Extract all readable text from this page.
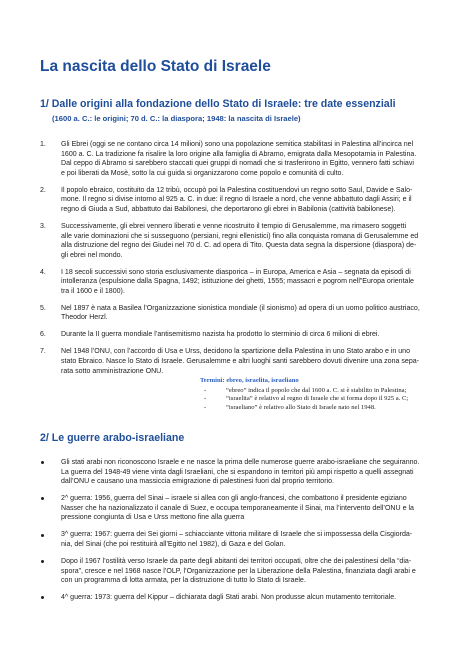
La nascita dello Stato di Israele
1/ Dalle origini alla fondazione dello Stato di Israele: tre date essenziali
(1600 a. C.: le origini; 70 d. C.: la diaspora; 1948: la nascita di Israele)
1. Gli Ebrei (oggi se ne contano circa 14 milioni) sono una popolazione semitica stabilitasi in Palestina all’incirca nel
1600 a. C. La tradizione fa risalire la loro origine alla famiglia di Abramo, emigrata dalla Mesopotamia in Palestina.
Dal ceppo di Abramo si sarebbero staccati quei gruppi di nomadi che si trasferirono in Egitto, vennero fatti schiavi
e poi liberati da Mosè, sotto la cui guida si organizzarono come popolo e comunità di culto.
2. Il popolo ebraico, costituito da 12 tribù, occupò poi la Palestina costituendovi un regno sotto Saul, Davide e Salo-
mone. Il regno si divise intorno al 925 a. C. in due: il regno di Israele a nord, che venne abbattuto dagli Assiri; e il
regno di Giuda a Sud, abbattuto dai Babilonesi, che deportarono gli ebrei in Babilonia (cattività babilonese).
3. Successivamente, gli ebrei vennero liberati e venne ricostruito il tempio di Gerusalemme, ma rimasero soggetti
alle varie dominazioni che si susseguono (persiani, regni ellenistici) fino alla conquista romana di Gerusalemme ed
alla distruzione del regno dei Giudei nel 70 d. C. ad opera di Tito. Questa data segna la dispersione (diaspora) de-
gli ebrei nel mondo.
4. I 18 secoli successivi sono storia esclusivamente diasporica – in Europa, America e Asia – segnata da episodi di
intolleranza (espulsione dalla Spagna, 1492; istituzione dei ghetti, 1555; massacri e pogrom nell”Europa orientale
tra il 1600 e il 1800).
5. Nel 1897 è nata a Basilea l’Organizzazione sionistica mondiale (il sionismo) ad opera di un uomo politico austriaco,
Theodor Herzl.
6. Durante la II guerra mondiale l’antisemitismo nazista ha prodotto lo sterminio di circa 6 milioni di ebrei.
7. Nel 1948 l’ONU, con l’accordo di Usa e Urss, decidono la spartizione della Palestina in uno Stato arabo e in uno
stato Ebraico. Nasce lo Stato di Israele. Gerusalemme e altri luoghi santi sarebbero dovuti divenire una zona sepa-
rata sotto amministrazione ONU.
Termini: ebreo, israelita, israeliano
-	“ebreo” indica il popolo che dal 1600 a. C. si è stabilito in Palestina;
-	“israelita” è relativo al regno di Israele che si forma dopo il 925 a. C;
-	“israeliano” è relativo allo Stato di Israele nato nel 1948.
2/ Le guerre arabo-israeliane
Gli stati arabi non riconoscono Israele e ne nasce la prima delle numerose guerre arabo-israeliane che seguiranno.
La guerra del 1948-49 viene vinta dagli Israeliani, che si espandono in territori più ampi rispetto a quelli assegnati
dall’ONU e causano una massiccia emigrazione di palestinesi fuori dal proprio territorio.
2^ guerra: 1956, guerra del Sinai – israele si allea con gli anglo-francesi, che combattono il presidente egiziano
Nasser che ha nazionalizzato il canale di Suez, e occupa temporaneamente il Sinai, ma l’intervento dell’ONU e la
pressione congiunta di Usa e Urss mettono fine alla guerra
3^ guerra: 1967: guerra dei Sei giorni – schiacciante vittoria militare di Israele che si impossessa della Cisgiorda-
nia, del Sinai (che poi restituirà all’Egitto nel 1982), di Gaza e del Golan.
Dopo il 1967 l’ostilità verso Israele da parte degli abitanti dei territori occupati, oltre che dei palestinesi della “dia-
spora”, cresce e nel 1968 nasce l’OLP, l’Organizzazione per la Liberazione della Palestina, finanziata dagli arabi e
con un programma di lotta armata, per la distruzione di tutto lo Stato di Israele.
4^ guerra: 1973: guerra del Kippur – dichiarata dagli Stati arabi. Non produsse alcun mutamento territoriale.
